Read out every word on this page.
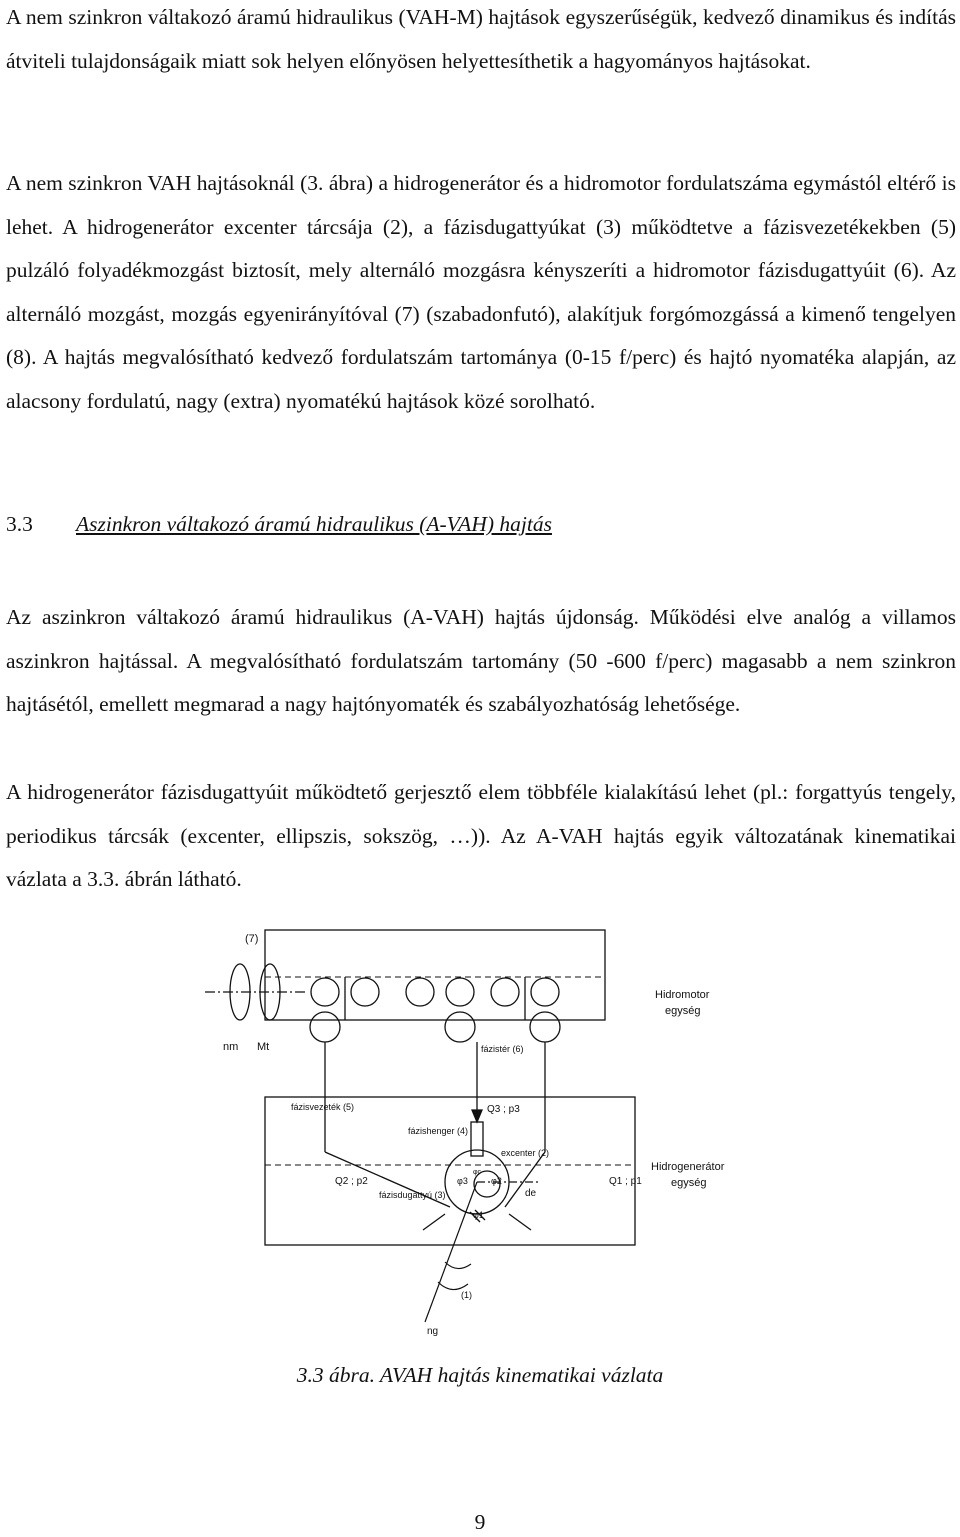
A nem szinkron váltakozó áramú hidraulikus (VAH-M) hajtások egyszerűségük, kedvező dinamikus és indítás átviteli tulajdonságaik miatt sok helyen előnyösen helyettesíthetik a hagyományos hajtásokat.

A nem szinkron VAH hajtásoknál (3. ábra) a hidrogenerátor és a hidromotor fordulatszáma egymástól eltérő is lehet. A hidrogenerátor excenter tárcsája (2), a fázisdugattyúkat (3) működtetve a fázisvezetékekben (5) pulzáló folyadékmozgást biztosít, mely alternáló mozgásra kényszeríti a hidromotor fázisdugattyúit (6). Az alternáló mozgást, mozgás egyenirányítóval (7) (szabadonfutó), alakítjuk forgómozgássá a kimenő tengelyen (8). A hajtás megvalósítható kedvező fordulatszám tartománya (0-15 f/perc) és hajtó nyomatéka alapján, az alacsony fordulatú, nagy (extra) nyomatékú hajtások közé sorolható.

3.3 Aszinkron váltakozó áramú hidraulikus (A-VAH) hajtás

Az aszinkron váltakozó áramú hidraulikus (A-VAH) hajtás újdonság. Működési elve analóg a villamos aszinkron hajtással. A megvalósítható fordulatszám tartomány (50 -600 f/perc) magasabb a nem szinkron hajtásétól, emellett megmarad a nagy hajtónyomaték és szabályozhatóság lehetősége.

A hidrogenerátor fázisdugattyúit működtető gerjesztő elem többféle kialakítású lehet (pl.: forgattyús tengely, periodikus tárcsák (excenter, ellipszis, sokszög, …)). Az A-VAH hajtás egyik változatának kinematikai vázlata a 3.3. ábrán látható.

(7)
nm Mt
Hidromotor
egység
fázistér (6)
fázisvezeték (5)	Q3 ; p3
fázishenger (4)
excenter (2)
Q2 ; p2	Q1 ; p1
Hidrogenerátor
egység
fázisdugattyú (3)
φ3	φ2
φ1
φc
de
(1)
ng

3.3 ábra. AVAH hajtás kinematikai vázlata

9
